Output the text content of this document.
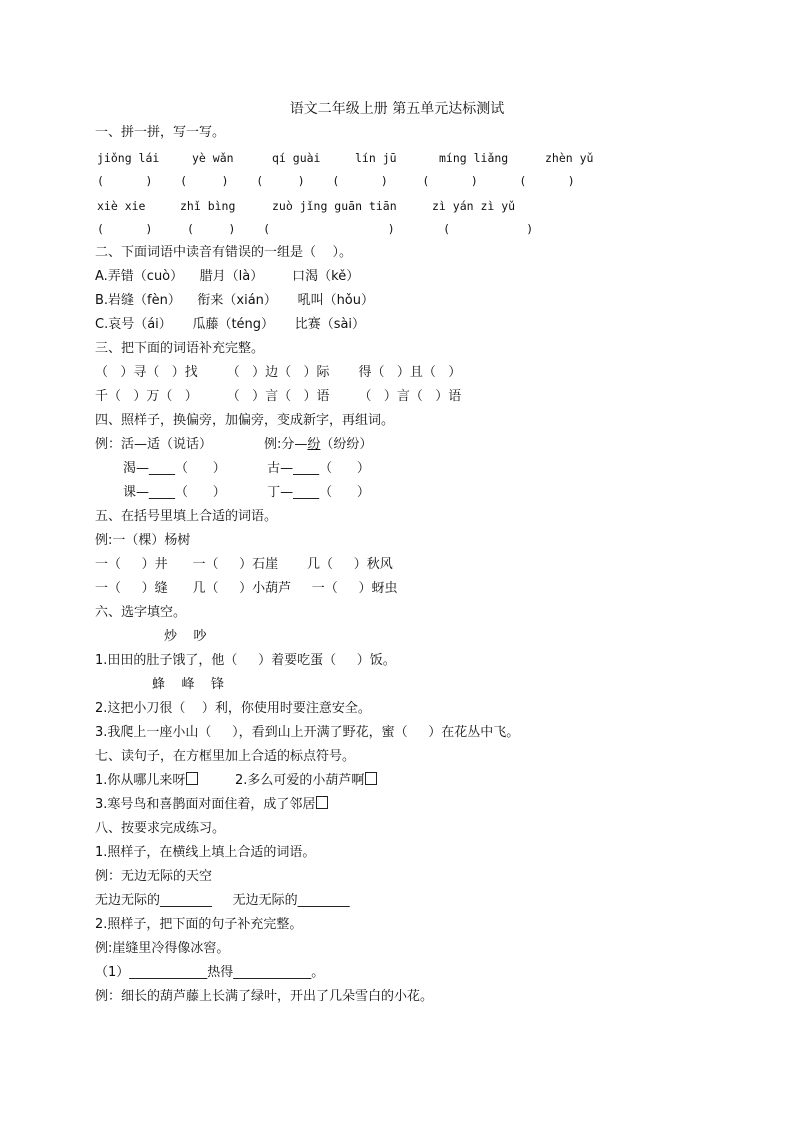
语文二年级上册 第五单元达标测试
一、拼一拼，写一写。
jiǒng lái	yè wǎn	qí guài	lín jū	míng liǎng	zhèn yǔ
(      )    (     )    (     )    (      )     (      )      (      )
xiè xie	zhǐ bìng	zuò jǐng guān tiān	zì yán zì yǔ
(      )     (     )    (                 )       (           )
二、下面词语中读音有错误的一组是（    ）。
A.弄错（cuò）    腊月（là）       口渴（kě）
B.岩缝（fèn）    衔来（xián）     吼叫（hǒu）
C.哀号（ái）     瓜藤（téng）     比赛（sài）
三、把下面的词语补充完整。
（   ）寻（   ）找       （   ）边（   ）际       得（   ）且（   ）
千（   ）万（   ）       （   ）言（   ）语       （   ）言（   ）语
四、照样子，换偏旁，加偏旁，变成新字，再组词。
例：活—适（说话）	例:分—纷（纷纷）
渴—____（      ）          古—____（      ）
课—____（      ）          丁—____（      ）
五、在括号里填上合适的词语。
例:一（棵）杨树
一（     ）井      一（     ）石崖       几（     ）秋风
一（     ）缝      几（     ）小葫芦     一（     ）蚜虫
六、选字填空。
炒    吵
1.田田的肚子饿了，他（     ）着要吃蛋（     ）饭。
蜂    峰    锋
2.这把小刀很（    ）利，你使用时要注意安全。
3.我爬上一座小山（     ），看到山上开满了野花，蜜（     ）在花丛中飞。
七、读句子，在方框里加上合适的标点符号。
1.你从哪儿来呀	2.多么可爱的小葫芦啊
3.寒号鸟和喜鹊面对面住着，成了邻居
八、按要求完成练习。
1.照样子，在横线上填上合适的词语。
例：无边无际的天空
无边无际的________     无边无际的________
2.照样子，把下面的句子补充完整。
例:崖缝里冷得像冰窖。
（1）____________热得____________。
例：细长的葫芦藤上长满了绿叶，开出了几朵雪白的小花。
